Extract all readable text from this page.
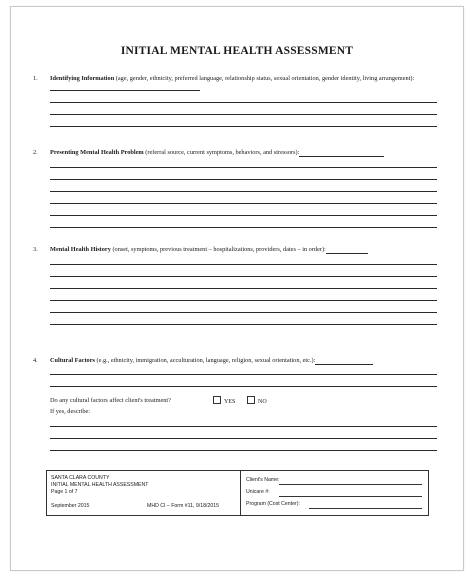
INITIAL MENTAL HEALTH ASSESSMENT
1. Identifying Information (age, gender, ethnicity, preferred language, relationship status, sexual orientation, gender identity, living arrangement):
2. Presenting Mental Health Problem (referral source, current symptoms, behaviors, and stressors):
3. Mental Health History (onset, symptoms, previous treatment – hospitalizations, providers, dates – in order):
4. Cultural Factors (e.g., ethnicity, immigration, acculturation, language, religion, sexual orientation, etc.):
Do any cultural factors affect client's treatment?	YES	NO
If yes, describe:
SANTA CLARA COUNTY
INITIAL MENTAL HEALTH ASSESSMENT
Page 1 of 7
September 2015	MHD CI – Form #11, 9/18/2015
Client's Name:
Unicare #:
Program (Cost Center):
